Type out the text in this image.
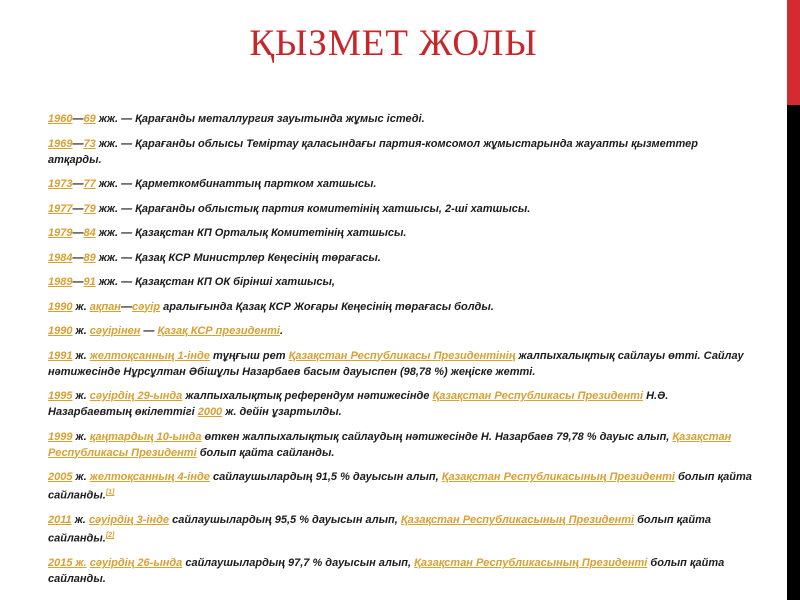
ҚЫЗМЕТ ЖОЛЫ

1960—69 жж. — Қарағанды металлургия зауытында жұмыс істеді.

1969—73 жж. — Қарағанды облысы Теміртау қаласындағы партия-комсомол жұмыстарында жауапты қызметтер атқарды.

1973—77 жж. — Қарметкомбинаттың партком хатшысы.

1977—79 жж. — Қарағанды облыстық партия комитетінің хатшысы, 2-ші хатшысы.

1979—84 жж. — Қазақстан КП Орталық Комитетінің хатшысы.

1984—89 жж. — Қазақ КСР Министрлер Кеңесінің төрағасы.

1989—91 жж. — Қазақстан КП ОК бірінші хатшысы,

1990 ж. ақпан—сәуір аралығында Қазақ КСР Жоғары Кеңесінің төрағасы болды.

1990 ж. сәуірінен — Қазақ КСР президенті.

1991 ж. желтоқсанның 1-інде тұңғыш рет Қазақстан Республикасы Президентінің жалпыхалықтық сайлауы өтті. Сайлау нәтижесінде Нұрсұлтан Әбішұлы Назарбаев басым дауыспен (98,78 %) жеңіске жетті.

1995 ж. сәуірдің 29-ында жалпыхалықтық референдум нәтижесінде Қазақстан Республикасы Президенті Н.Ә. Назарбаевтың өкілеттігі 2000 ж. дейін ұзартылды.

1999 ж. қаңтардың 10-ында өткен жалпыхалықтық сайлаудың нәтижесінде Н. Назарбаев 79,78 % дауыс алып, Қазақстан Республикасы Президенті болып қайта сайланды.

2005 ж. желтоқсанның 4-інде сайлаушылардың 91,5 % дауысын алып, Қазақстан Республикасының Президенті болып қайта сайланды.[1]

2011 ж. сәуірдің 3-інде сайлаушылардың 95,5 % дауысын алып, Қазақстан Республикасының Президенті болып қайта сайланды.[2]

2015 ж. сәуірдің 26-ында сайлаушылардың 97,7 % дауысын алып, Қазақстан Республикасының Президенті болып қайта сайланды.
